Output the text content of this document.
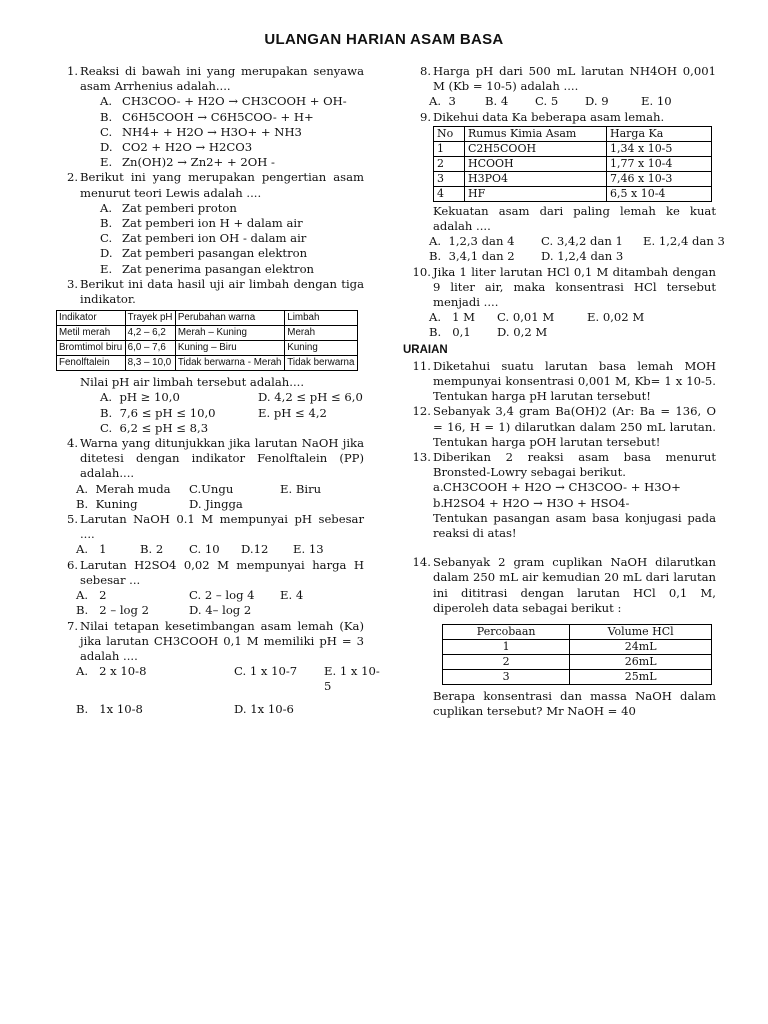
ULANGAN HARIAN ASAM BASA
1. Reaksi di bawah ini yang merupakan senyawa asam Arrhenius adalah....
A. CH3COO- + H2O → CH3COOH + OH-
B. C6H5COOH → C6H5COO- + H+
C. NH4+ + H2O → H3O+ + NH3
D. CO2 + H2O → H2CO3
E. Zn(OH)2 → Zn2+ + 2OH -
2. Berikut ini yang merupakan pengertian asam menurut teori Lewis adalah ....
A. Zat pemberi proton
B. Zat pemberi ion H + dalam air
C. Zat pemberi ion OH - dalam air
D. Zat pemberi pasangan elektron
E. Zat penerima pasangan elektron
3. Berikut ini data hasil uji air limbah dengan tiga indikator.
Indikator	Trayek pH	Perubahan warna	Limbah
Metil merah	4,2 – 6,2	Merah – Kuning	Merah
Bromtimol biru	6,0 – 7,6	Kuning – Biru	Kuning
Fenolftalein	8,3 – 10,0	Tidak berwarna - Merah	Tidak berwarna
Nilai pH air limbah tersebut adalah....
A. pH ≥ 10,0	D. 4,2 ≤ pH ≤ 6,0
B. 7,6 ≤ pH ≤ 10,0	E. pH ≤ 4,2
C. 6,2 ≤ pH ≤ 8,3
4. Warna yang ditunjukkan jika larutan NaOH jika ditetesi dengan indikator Fenolftalein (PP) adalah....
A. Merah muda	C.Ungu	E. Biru
B. Kuning	D. Jingga
5. Larutan NaOH 0.1 M mempunyai pH sebesar ....
A. 1	B. 2	C. 10	D.12	E. 13
6. Larutan H2SO4 0,02 M mempunyai harga H sebesar ...
A. 2	C. 2 – log 4	E. 4
B. 2 – log 2	D. 4– log 2
7. Nilai tetapan kesetimbangan asam lemah (Ka) jika larutan CH3COOH 0,1 M memiliki pH = 3 adalah ....
A. 2 x 10-8	C. 1 x 10-7	E. 1 x 10-5
B. 1x 10-8	D. 1x 10-6
8. Harga pH dari 500 mL larutan NH4OH 0,001 M (Kb = 10-5) adalah ....
A. 3	B. 4	C. 5	D. 9	E. 10
9. Dikehui data Ka beberapa asam lemah.
No	Rumus Kimia Asam	Harga Ka
1	C2H5COOH	1,34 x 10-5
2	HCOOH	1,77 x 10-4
3	H3PO4	7,46 x 10-3
4	HF	6,5 x 10-4
Kekuatan asam dari paling lemah ke kuat adalah ....
A. 1,2,3 dan 4	C. 3,4,2 dan 1	E. 1,2,4 dan 3
B. 3,4,1 dan 2	D. 1,2,4 dan 3
10. Jika 1 liter larutan HCl 0,1 M ditambah dengan 9 liter air, maka konsentrasi HCl tersebut menjadi ....
A. 1 M	C. 0,01 M	E. 0,02 M
B. 0,1	D. 0,2 M
URAIAN
11. Diketahui suatu larutan basa lemah MOH mempunyai konsentrasi 0,001 M, Kb= 1 x 10-5. Tentukan harga pH larutan tersebut!
12. Sebanyak 3,4 gram Ba(OH)2 (Ar: Ba = 136, O = 16, H = 1) dilarutkan dalam 250 mL larutan. Tentukan harga pOH larutan tersebut!
13. Diberikan 2 reaksi asam basa menurut Bronsted-Lowry sebagai berikut.
a. CH3COOH + H2O → CH3COO- + H3O+
b.
H2SO4 + H2O → H3O + HSO4-
Tentukan pasangan asam basa konjugasi pada reaksi di atas!
14. Sebanyak 2 gram cuplikan NaOH dilarutkan dalam 250 mL air kemudian 20 mL dari larutan ini dititrasi dengan larutan HCl 0,1 M, diperoleh data sebagai berikut :
Percobaan	Volume HCl
1	24mL
2	26mL
3	25mL
Berapa konsentrasi dan massa NaOH dalam cuplikan tersebut? Mr NaOH = 40
